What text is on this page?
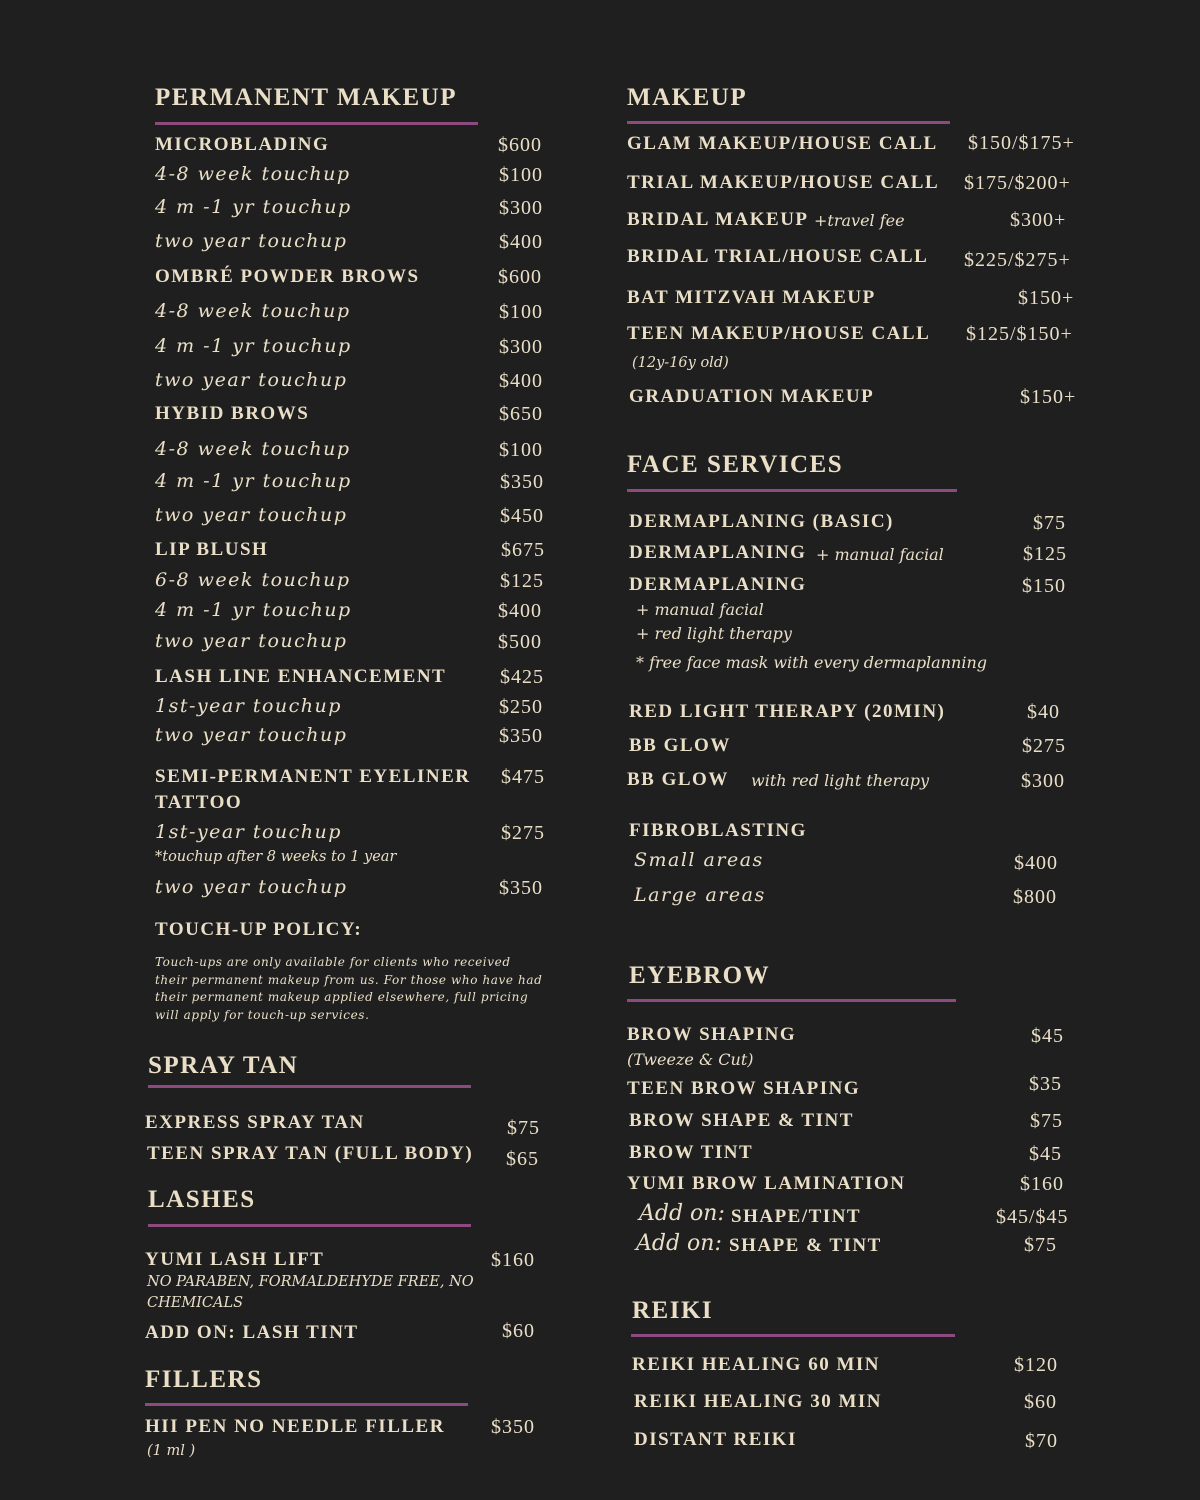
PERMANENT MAKEUP
MICROBLADING	$600
4-8 week touchup	$100
4 m -1 yr touchup	$300
two year touchup	$400
OMBRÉ POWDER BROWS	$600
4-8 week touchup	$100
4 m -1 yr touchup	$300
two year touchup	$400
HYBID BROWS	$650
4-8 week touchup	$100
4 m -1 yr touchup	$350
two year touchup	$450
LIP BLUSH	$675
6-8 week touchup	$125
4 m -1 yr touchup	$400
two year touchup	$500
LASH LINE ENHANCEMENT	$425
1st-year touchup	$250
two year touchup	$350
SEMI-PERMANENT EYELINER $475
TATTOO
1st-year touchup	$275
*touchup after 8 weeks to 1 year
two year touchup	$350
TOUCH-UP POLICY:
Touch-ups are only available for clients who received their permanent makeup from us. For those who have had their permanent makeup applied elsewhere, full pricing will apply for touch-up services.
SPRAY TAN
EXPRESS SPRAY TAN	$75
TEEN SPRAY TAN (FULL BODY) $65
LASHES
YUMI LASH LIFT	$160
NO PARABEN, FORMALDEHYDE FREE, NO
CHEMICALS
ADD ON: LASH TINT	$60
FILLERS
HII PEN NO NEEDLE FILLER $350
(1 ml )
MAKEUP
GLAM MAKEUP/HOUSE CALL $150/$175+
TRIAL MAKEUP/HOUSE CALL $175/$200+
BRIDAL MAKEUP +travel fee	$300+
BRIDAL TRIAL/HOUSE CALL $225/$275+
BAT MITZVAH MAKEUP	$150+
TEEN MAKEUP/HOUSE CALL $125/$150+
(12y-16y old)
GRADUATION MAKEUP	$150+
FACE SERVICES
DERMAPLANING (BASIC)	$75
DERMAPLANING + manual facial	$125
DERMAPLANING	$150
+ manual facial
+ red light therapy
* free face mask with every dermaplanning
RED LIGHT THERAPY (20MIN)	$40
BB GLOW	$275
BB GLOW with red light therapy	$300
FIBROBLASTING
Small areas	$400
Large areas	$800
EYEBROW
BROW SHAPING	$45
(Tweeze & Cut)
TEEN BROW SHAPING	$35
BROW SHAPE & TINT	$75
BROW TINT	$45
YUMI BROW LAMINATION	$160
Add on: SHAPE/TINT	$45/$45
Add on: SHAPE & TINT	$75
REIKI
REIKI HEALING 60 MIN	$120
REIKI HEALING 30 MIN	$60
DISTANT REIKI	$70
